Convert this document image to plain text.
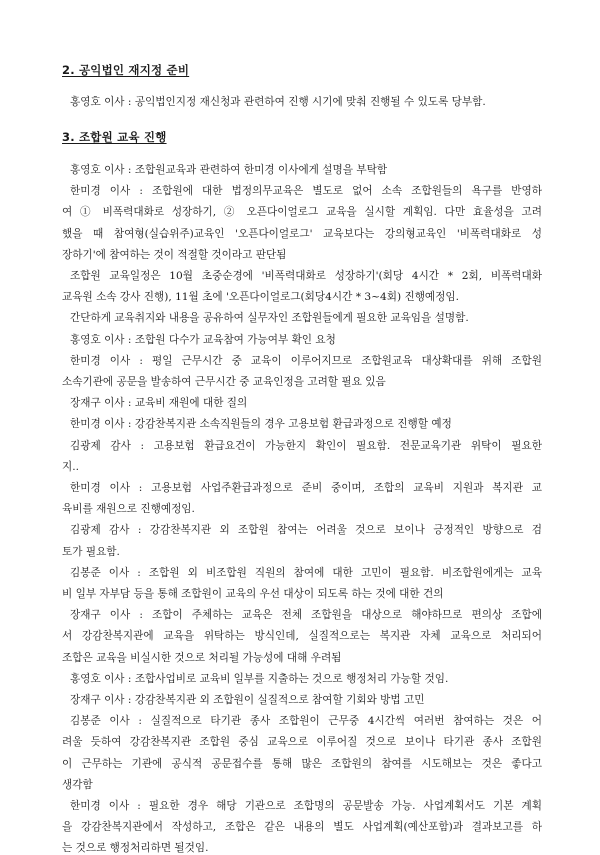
2. 공익법인 재지정 준비
홍영호 이사 : 공익법인지정 재신청과 관련하여 진행 시기에 맞춰 진행될 수 있도록 당부함.
3. 조합원 교육 진행
홍영호 이사 : 조합원교육과 관련하여 한미경 이사에게 설명을 부탁함
한미경 이사 : 조합원에 대한 법정의무교육은 별도로 없어 소속 조합원들의 욕구를 반영하
여 ① 비폭력대화로 성장하기, ② 오픈다이얼로그 교육을 실시할 계획임. 다만 효율성을 고려
했을 때 참여형(실습위주)교육인 '오픈다이얼로그' 교육보다는 강의형교육인 '비폭력대화로 성
장하기'에 참여하는 것이 적절할 것이라고 판단됨
조합원 교육일정은 10월 초중순경에 '비폭력대화로 성장하기'(회당 4시간 * 2회, 비폭력대화
교육원 소속 강사 진행), 11월 초에 '오픈다이얼로그(회당4시간 * 3~4회) 진행예정임.
간단하게 교육취지와 내용을 공유하여 실무자인 조합원들에게 필요한 교육임을 설명함.
홍영호 이사 : 조합원 다수가 교육참여 가능여부 확인 요청
한미경 이사 : 평일 근무시간 중 교육이 이루어지므로 조합원교육 대상확대를 위해 조합원
소속기관에 공문을 발송하여 근무시간 중 교육인정을 고려할 필요 있음
장재구 이사 : 교육비 재원에 대한 질의
한미경 이사 : 강감찬복지관 소속직원들의 경우 고용보험 환급과정으로 진행할 예정
김광제 감사 : 고용보험 환급요건이 가능한지 확인이 필요함. 전문교육기관 위탁이 필요한
지..
한미경 이사 : 고용보험 사업주환급과정으로 준비 중이며, 조합의 교육비 지원과 복지관 교
육비를 재원으로 진행예정임.
김광제 감사 : 강감찬복지관 외 조합원 참여는 어려울 것으로 보이나 긍정적인 방향으로 검
토가 필요함.
김봉준 이사 : 조합원 외 비조합원 직원의 참여에 대한 고민이 필요함. 비조합원에게는 교육
비 일부 자부담 등을 통해 조합원이 교육의 우선 대상이 되도록 하는 것에 대한 건의
장재구 이사 : 조합이 주체하는 교육은 전체 조합원을 대상으로 해야하므로 편의상 조합에
서 강감찬복지관에 교육을 위탁하는 방식인데, 실질적으로는 복지관 자체 교육으로 처리되어
조합은 교육을 비실시한 것으로 처리될 가능성에 대해 우려됨
홍영호 이사 : 조합사업비로 교육비 일부를 지출하는 것으로 행정처리 가능할 것임.
장재구 이사 : 강감찬복지관 외 조합원이 실질적으로 참여할 기회와 방법 고민
김봉준 이사 : 실질적으로 타기관 종사 조합원이 근무중 4시간씩 여러번 참여하는 것은 어
려울 듯하여 강감찬복지관 조합원 중심 교육으로 이루어질 것으로 보이나 타기관 종사 조합원
이 근무하는 기관에 공식적 공문접수를 통해 많은 조합원의 참여를 시도해보는 것은 좋다고
생각함
한미경 이사 : 필요한 경우 해당 기관으로 조합명의 공문발송 가능. 사업계획서도 기본 계획
을 강감찬복지관에서 작성하고, 조합은 같은 내용의 별도 사업계획(예산포함)과 결과보고를 하
는 것으로 행정처리하면 될것임.
